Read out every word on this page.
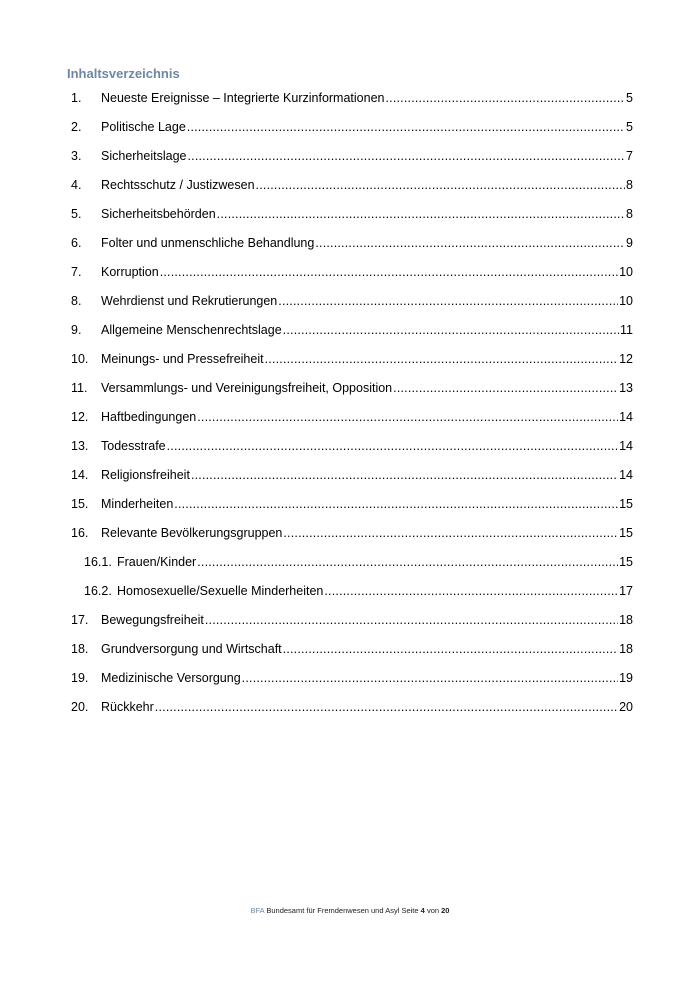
Inhaltsverzeichnis
1.	Neueste Ereignisse – Integrierte Kurzinformationen .....	5
2.	Politische Lage .....	5
3.	Sicherheitslage .....	7
4.	Rechtsschutz / Justizwesen .....	8
5.	Sicherheitsbehörden .....	8
6.	Folter und unmenschliche Behandlung .....	9
7.	Korruption .....	10
8.	Wehrdienst und Rekrutierungen .....	10
9.	Allgemeine Menschenrechtslage .....	11
10.	Meinungs- und Pressefreiheit .....	12
11.	Versammlungs- und Vereinigungsfreiheit, Opposition .....	13
12.	Haftbedingungen .....	14
13.	Todesstrafe .....	14
14.	Religionsfreiheit .....	14
15.	Minderheiten .....	15
16.	Relevante Bevölkerungsgruppen .....	15
16.1. Frauen/Kinder .....	15
16.2. Homosexuelle/Sexuelle Minderheiten .....	17
17.	Bewegungsfreiheit .....	18
18.	Grundversorgung und Wirtschaft .....	18
19.	Medizinische Versorgung .....	19
20.	Rückkehr .....	20
BFA Bundesamt für Fremdenwesen und Asyl Seite 4 von 20
